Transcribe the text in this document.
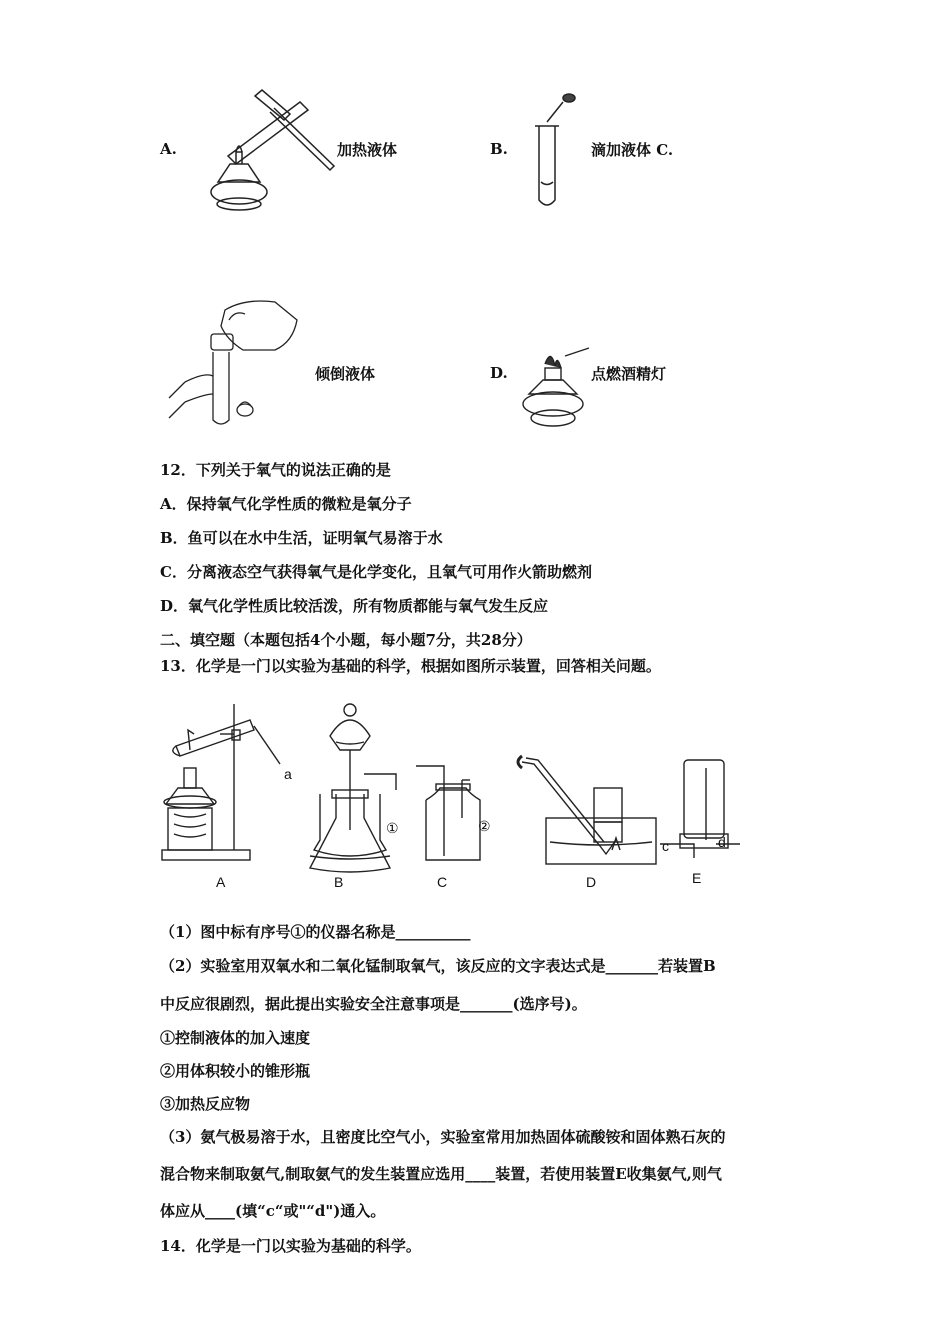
A.	加热液体	B.	滴加液体 C.
倾倒液体	D.	点燃酒精灯
12．下列关于氧气的说法正确的是
A．保持氧气化学性质的微粒是氧分子
B．鱼可以在水中生活，证明氧气易溶于水
C．分离液态空气获得氧气是化学变化，且氧气可用作火箭助燃剂
D．氧气化学性质比较活泼，所有物质都能与氧气发生反应
二、填空题（本题包括4个小题，每小题7分，共28分）
13．化学是一门以实验为基础的科学，根据如图所示装置，回答相关问题。
a
A	B	C	D	E
①	②
c	d
（1）图中标有序号①的仪器名称是__________
（2）实验室用双氧水和二氧化锰制取氧气，该反应的文字表达式是_______若装置B
中反应很剧烈，据此提出实验安全注意事项是_______(选序号)。
①控制液体的加入速度
②用体积较小的锥形瓶
③加热反应物
（3）氨气极易溶于水，且密度比空气小，实验室常用加热固体硫酸铵和固体熟石灰的
混合物来制取氨气,制取氨气的发生装置应选用____装置，若使用装置E收集氨气,则气
体应从____(填“c“或"“d")通入。
14．化学是一门以实验为基础的科学。
